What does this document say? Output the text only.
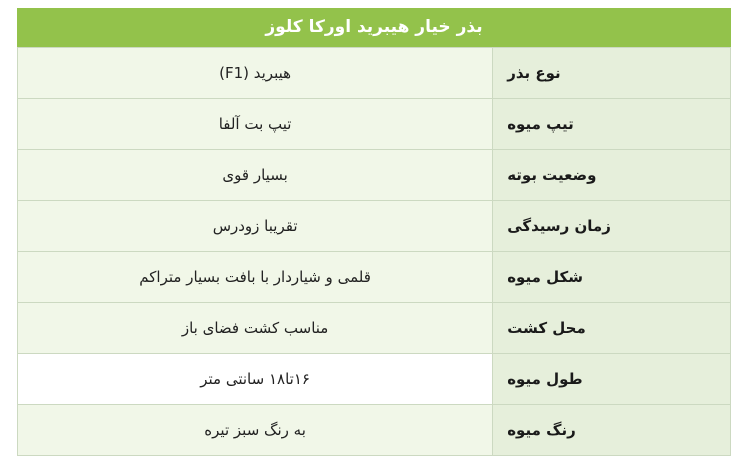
بذر خیار هیبرید اورکا کلوز
نوع بذر	هیبرید (F1)
تیپ میوه	تیپ بت آلفا
وضعیت بوته	بسیار قوی
زمان رسیدگی	تقریبا زودرس
شکل میوه	قلمی و شیاردار با بافت بسیار متراکم
محل کشت	مناسب کشت فضای باز
طول میوه	۱۶تا۱۸ سانتی متر
رنگ میوه	به رنگ سبز تیره
